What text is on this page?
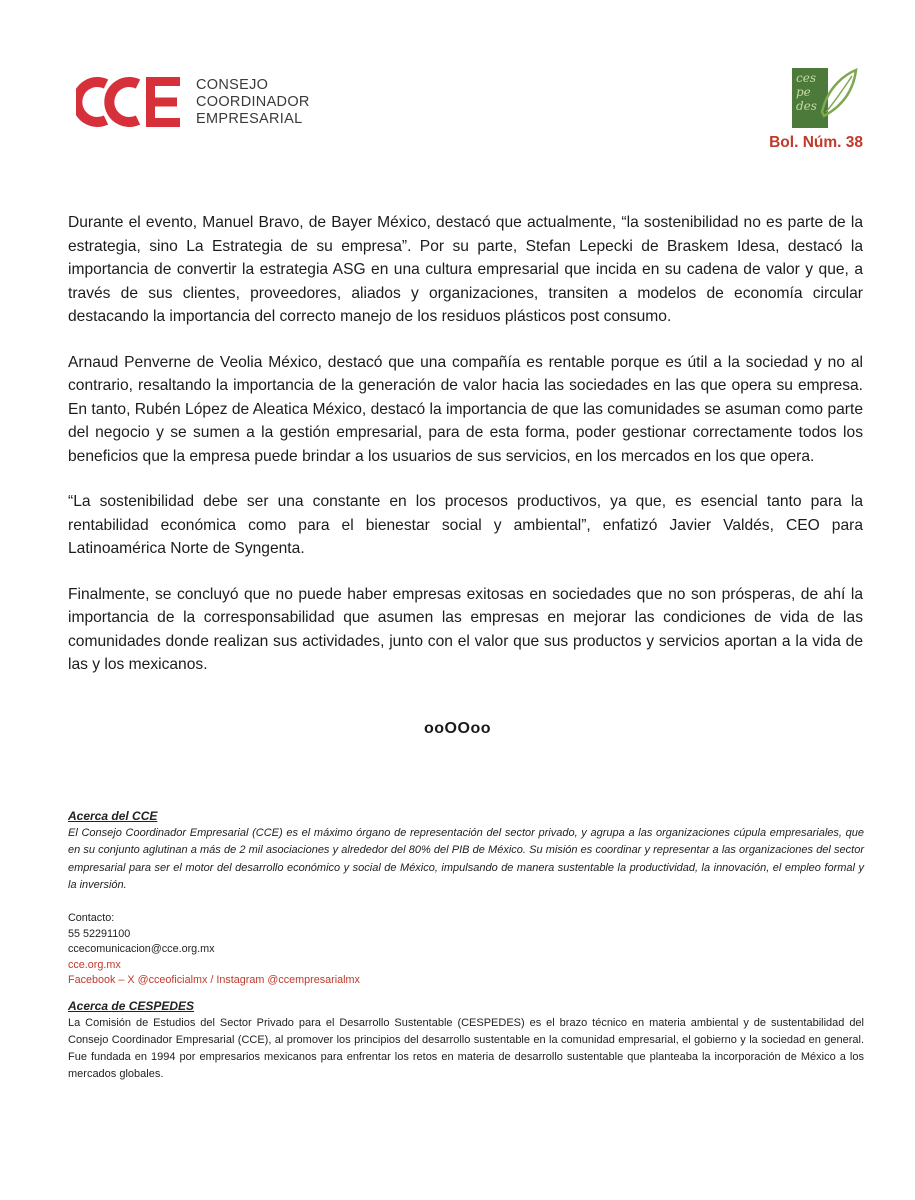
CONSEJO
COORDINADOR
EMPRESARIAL
ces
pe
des
Bol. Núm. 38

Durante el evento, Manuel Bravo, de Bayer México, destacó que actualmente, “la sostenibilidad no es parte de la estrategia, sino La Estrategia de su empresa”. Por su parte, Stefan Lepecki de Braskem Idesa, destacó la importancia de convertir la estrategia ASG en una cultura empresarial que incida en su cadena de valor y que, a través de sus clientes, proveedores, aliados y organizaciones, transiten a modelos de economía circular destacando la importancia del correcto manejo de los residuos plásticos post consumo.

Arnaud Penverne de Veolia México, destacó que una compañía es rentable porque es útil a la sociedad y no al contrario, resaltando la importancia de la generación de valor hacia las sociedades en las que opera su empresa. En tanto, Rubén López de Aleatica México, destacó la importancia de que las comunidades se asuman como parte del negocio y se sumen a la gestión empresarial, para de esta forma, poder gestionar correctamente todos los beneficios que la empresa puede brindar a los usuarios de sus servicios, en los mercados en los que opera.

“La sostenibilidad debe ser una constante en los procesos productivos, ya que, es esencial tanto para la rentabilidad económica como para el bienestar social y ambiental”, enfatizó Javier Valdés, CEO para Latinoamérica Norte de Syngenta.

Finalmente, se concluyó que no puede haber empresas exitosas en sociedades que no son prósperas, de ahí la importancia de la corresponsabilidad que asumen las empresas en mejorar las condiciones de vida de las comunidades donde realizan sus actividades, junto con el valor que sus productos y servicios aportan a la vida de las y los mexicanos.

ooOOoo
Acerca del CCE

El Consejo Coordinador Empresarial (CCE) es el máximo órgano de representación del sector privado, y agrupa a las organizaciones cúpula empresariales, que en su conjunto aglutinan a más de 2 mil asociaciones y alrededor del 80% del PIB de México. Su misión es coordinar y representar a las organizaciones del sector empresarial para ser el motor del desarrollo económico y social de México, impulsando de manera sustentable la productividad, la innovación, el empleo formal y la inversión.

Contacto:
55 52291100
ccecomunicacion@cce.org.mx
cce.org.mx
Facebook – X @cceoficialmx / Instagram @ccempresarialmx
Acerca de CESPEDES

La Comisión de Estudios del Sector Privado para el Desarrollo Sustentable (CESPEDES) es el brazo técnico en materia ambiental y de sustentabilidad del Consejo Coordinador Empresarial (CCE), al promover los principios del desarrollo sustentable en la comunidad empresarial, el gobierno y la sociedad en general. Fue fundada en 1994 por empresarios mexicanos para enfrentar los retos en materia de desarrollo sustentable que planteaba la incorporación de México a los mercados globales.
